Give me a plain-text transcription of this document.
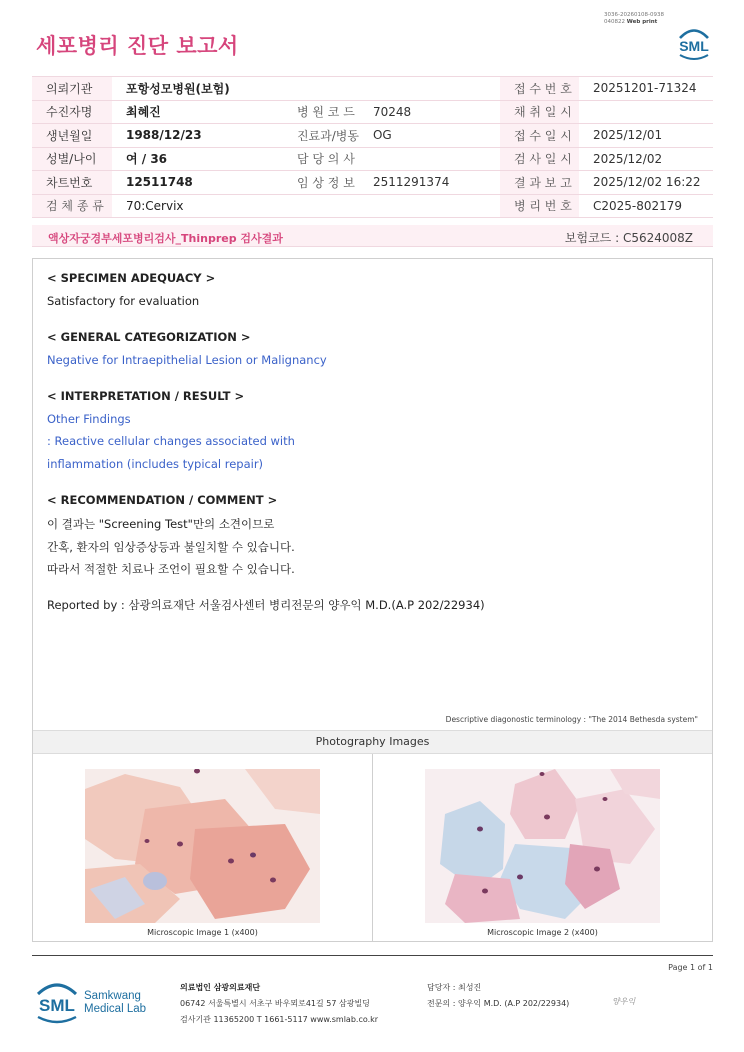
3036-20260108-0938
040822 Web print
세포병리 진단 보고서	SML
의뢰기관	포항성모병원(보험)			접 수 번 호	20251201-71324
수진자명	최혜진	병 원 코 드	70248	채 취 일 시	
생년월일	1988/12/23	진료과/병동	OG	접 수 일 시	2025/12/01
성별/나이	여 / 36	담 당 의 사		검 사 일 시	2025/12/02
차트번호	12511748	임 상 정 보	2511291374	결 과 보 고	2025/12/02 16:22
검 체 종 류	70:Cervix			병 리 번 호	C2025-802179
액상자궁경부세포병리검사_Thinprep 검사결과	보험코드 : C5624008Z
< SPECIMEN ADEQUACY >
Satisfactory for evaluation
< GENERAL CATEGORIZATION >
Negative for Intraepithelial Lesion or Malignancy
< INTERPRETATION / RESULT >
Other Findings
: Reactive cellular changes associated with
inflammation (includes typical repair)
< RECOMMENDATION / COMMENT >
이 결과는 "Screening Test"만의 소견이므로
간혹, 환자의 임상증상등과 불일치할 수 있습니다.
따라서 적절한 치료나 조언이 필요할 수 있습니다.
Reported by : 삼광의료재단 서울검사센터 병리전문의 양우익 M.D.(A.P 202/22934)
Descriptive diagonostic terminology : "The 2014 Bethesda system"
Photography Images
Microscopic Image 1 (x400)	Microscopic Image 2 (x400)
Page 1 of 1
SML Samkwang
Medical Lab
의료법인 삼광의료재단
06742 서울특별시 서초구 바우뫼로41길 57 삼광빌딩
검사기관 11365200 T 1661-5117 www.smlab.co.kr
담당자 : 최성진
전문의 : 양우익 M.D. (A.P 202/22934)	양우익
